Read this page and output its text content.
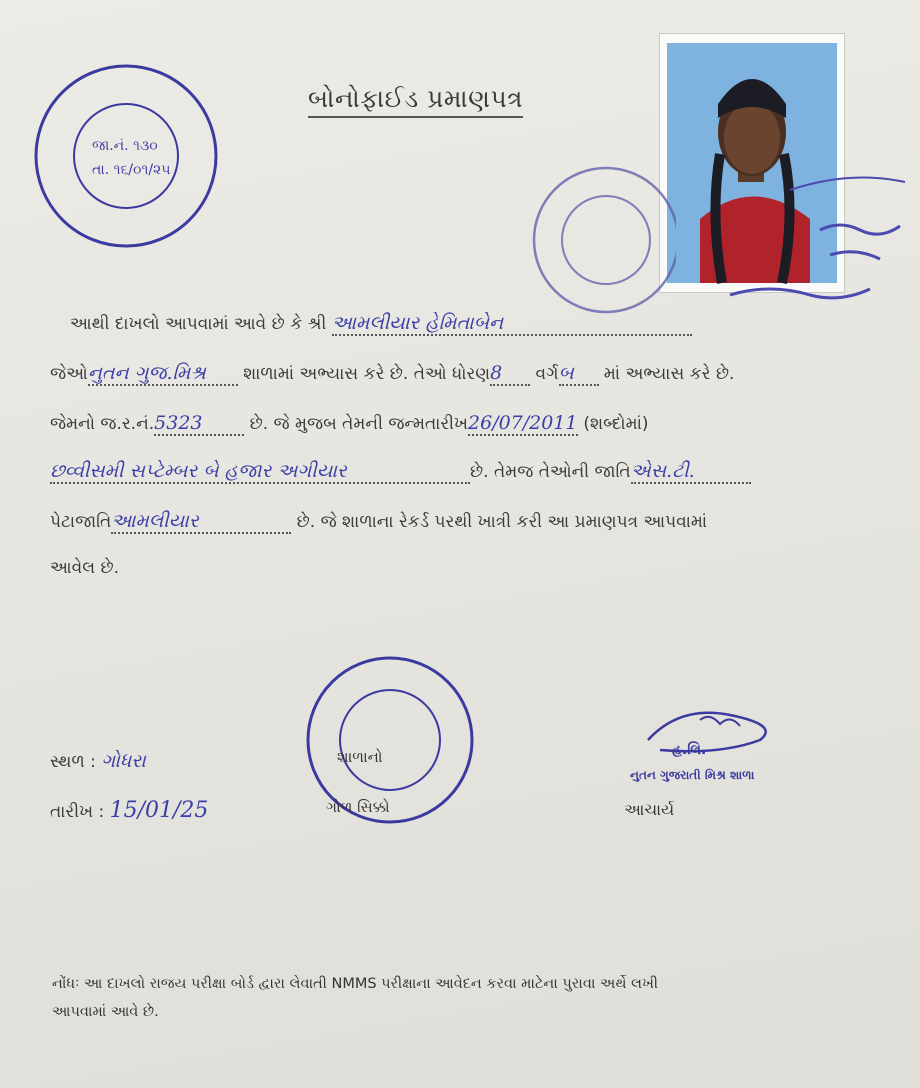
જા.નં. ૧૩૦
તા. ૧૬/૦૧/૨૫
બોનોફાઈડ પ્રમાણપત્ર
આથી દાખલો આપવામાં આવે છે કે શ્રી આમલીયાર હેમિતાબેન
જેઓનુતન ગુજ.મિશ્ર શાળામાં અભ્યાસ કરે છે. તેઓ ધોરણ8 વર્ગબ માં અભ્યાસ કરે છે.
જેમનો જ.ર.નં.5323	છે. જે મુજબ તેમની જન્મતારીખ26/07/2011 (શબ્દોમાં)
છવ્વીસમી સપ્ટેમ્બર બે હજાર અગીયાર	છે. તેમજ તેઓની જાતિએસ.ટી.
પેટાજાતિઆમલીયાર	છે. જે શાળાના રેકર્ડ પરથી ખાત્રી કરી આ પ્રમાણપત્ર આપવામાં
આવેલ છે.
સ્થળ : ગોધરા
તારીખ : 15/01/25
શાળાનો
ગોળ સિક્કો
હ.લિ.
નુતન ગુજરાતી મિશ્ર શાળા
આચાર્ય
નોંધઃ આ દાખલો રાજય પરીક્ષા બોર્ડ દ્વારા લેવાતી NMMS પરીક્ષાના આવેદન કરવા માટેના પુરાવા અર્થે લખી
આપવામાં આવે છે.
